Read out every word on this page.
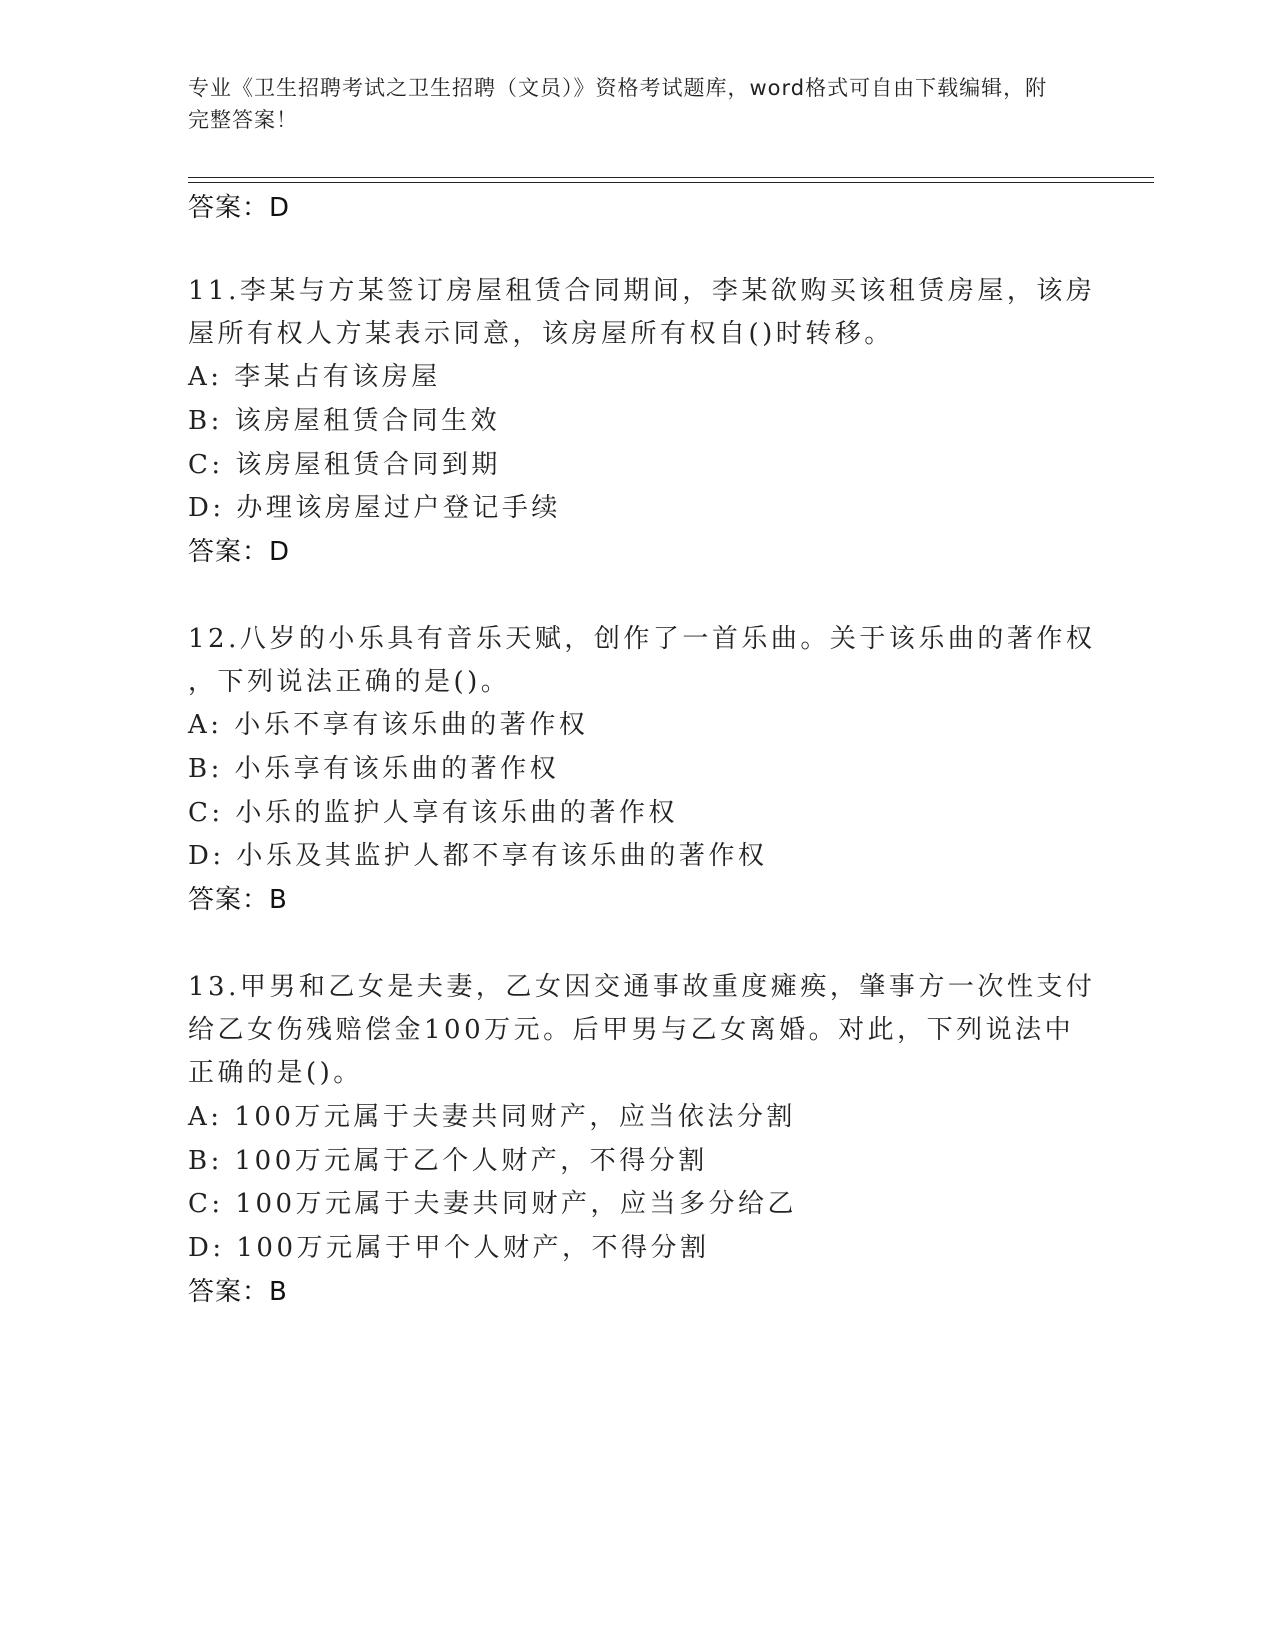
专业《卫生招聘考试之卫生招聘（文员）》资格考试题库，word格式可自由下载编辑，附完整答案！
答案：D
11.李某与方某签订房屋租赁合同期间，李某欲购买该租赁房屋，该房
屋所有权人方某表示同意，该房屋所有权自()时转移。
A: 李某占有该房屋
B: 该房屋租赁合同生效
C: 该房屋租赁合同到期
D: 办理该房屋过户登记手续
答案：D
12.八岁的小乐具有音乐天赋，创作了一首乐曲。关于该乐曲的著作权
，下列说法正确的是()。
A: 小乐不享有该乐曲的著作权
B: 小乐享有该乐曲的著作权
C: 小乐的监护人享有该乐曲的著作权
D: 小乐及其监护人都不享有该乐曲的著作权
答案：B
13.甲男和乙女是夫妻，乙女因交通事故重度瘫痪，肇事方一次性支付
给乙女伤残赔偿金100万元。后甲男与乙女离婚。对此，下列说法中
正确的是()。
A: 100万元属于夫妻共同财产，应当依法分割
B: 100万元属于乙个人财产，不得分割
C: 100万元属于夫妻共同财产，应当多分给乙
D: 100万元属于甲个人财产，不得分割
答案：B
